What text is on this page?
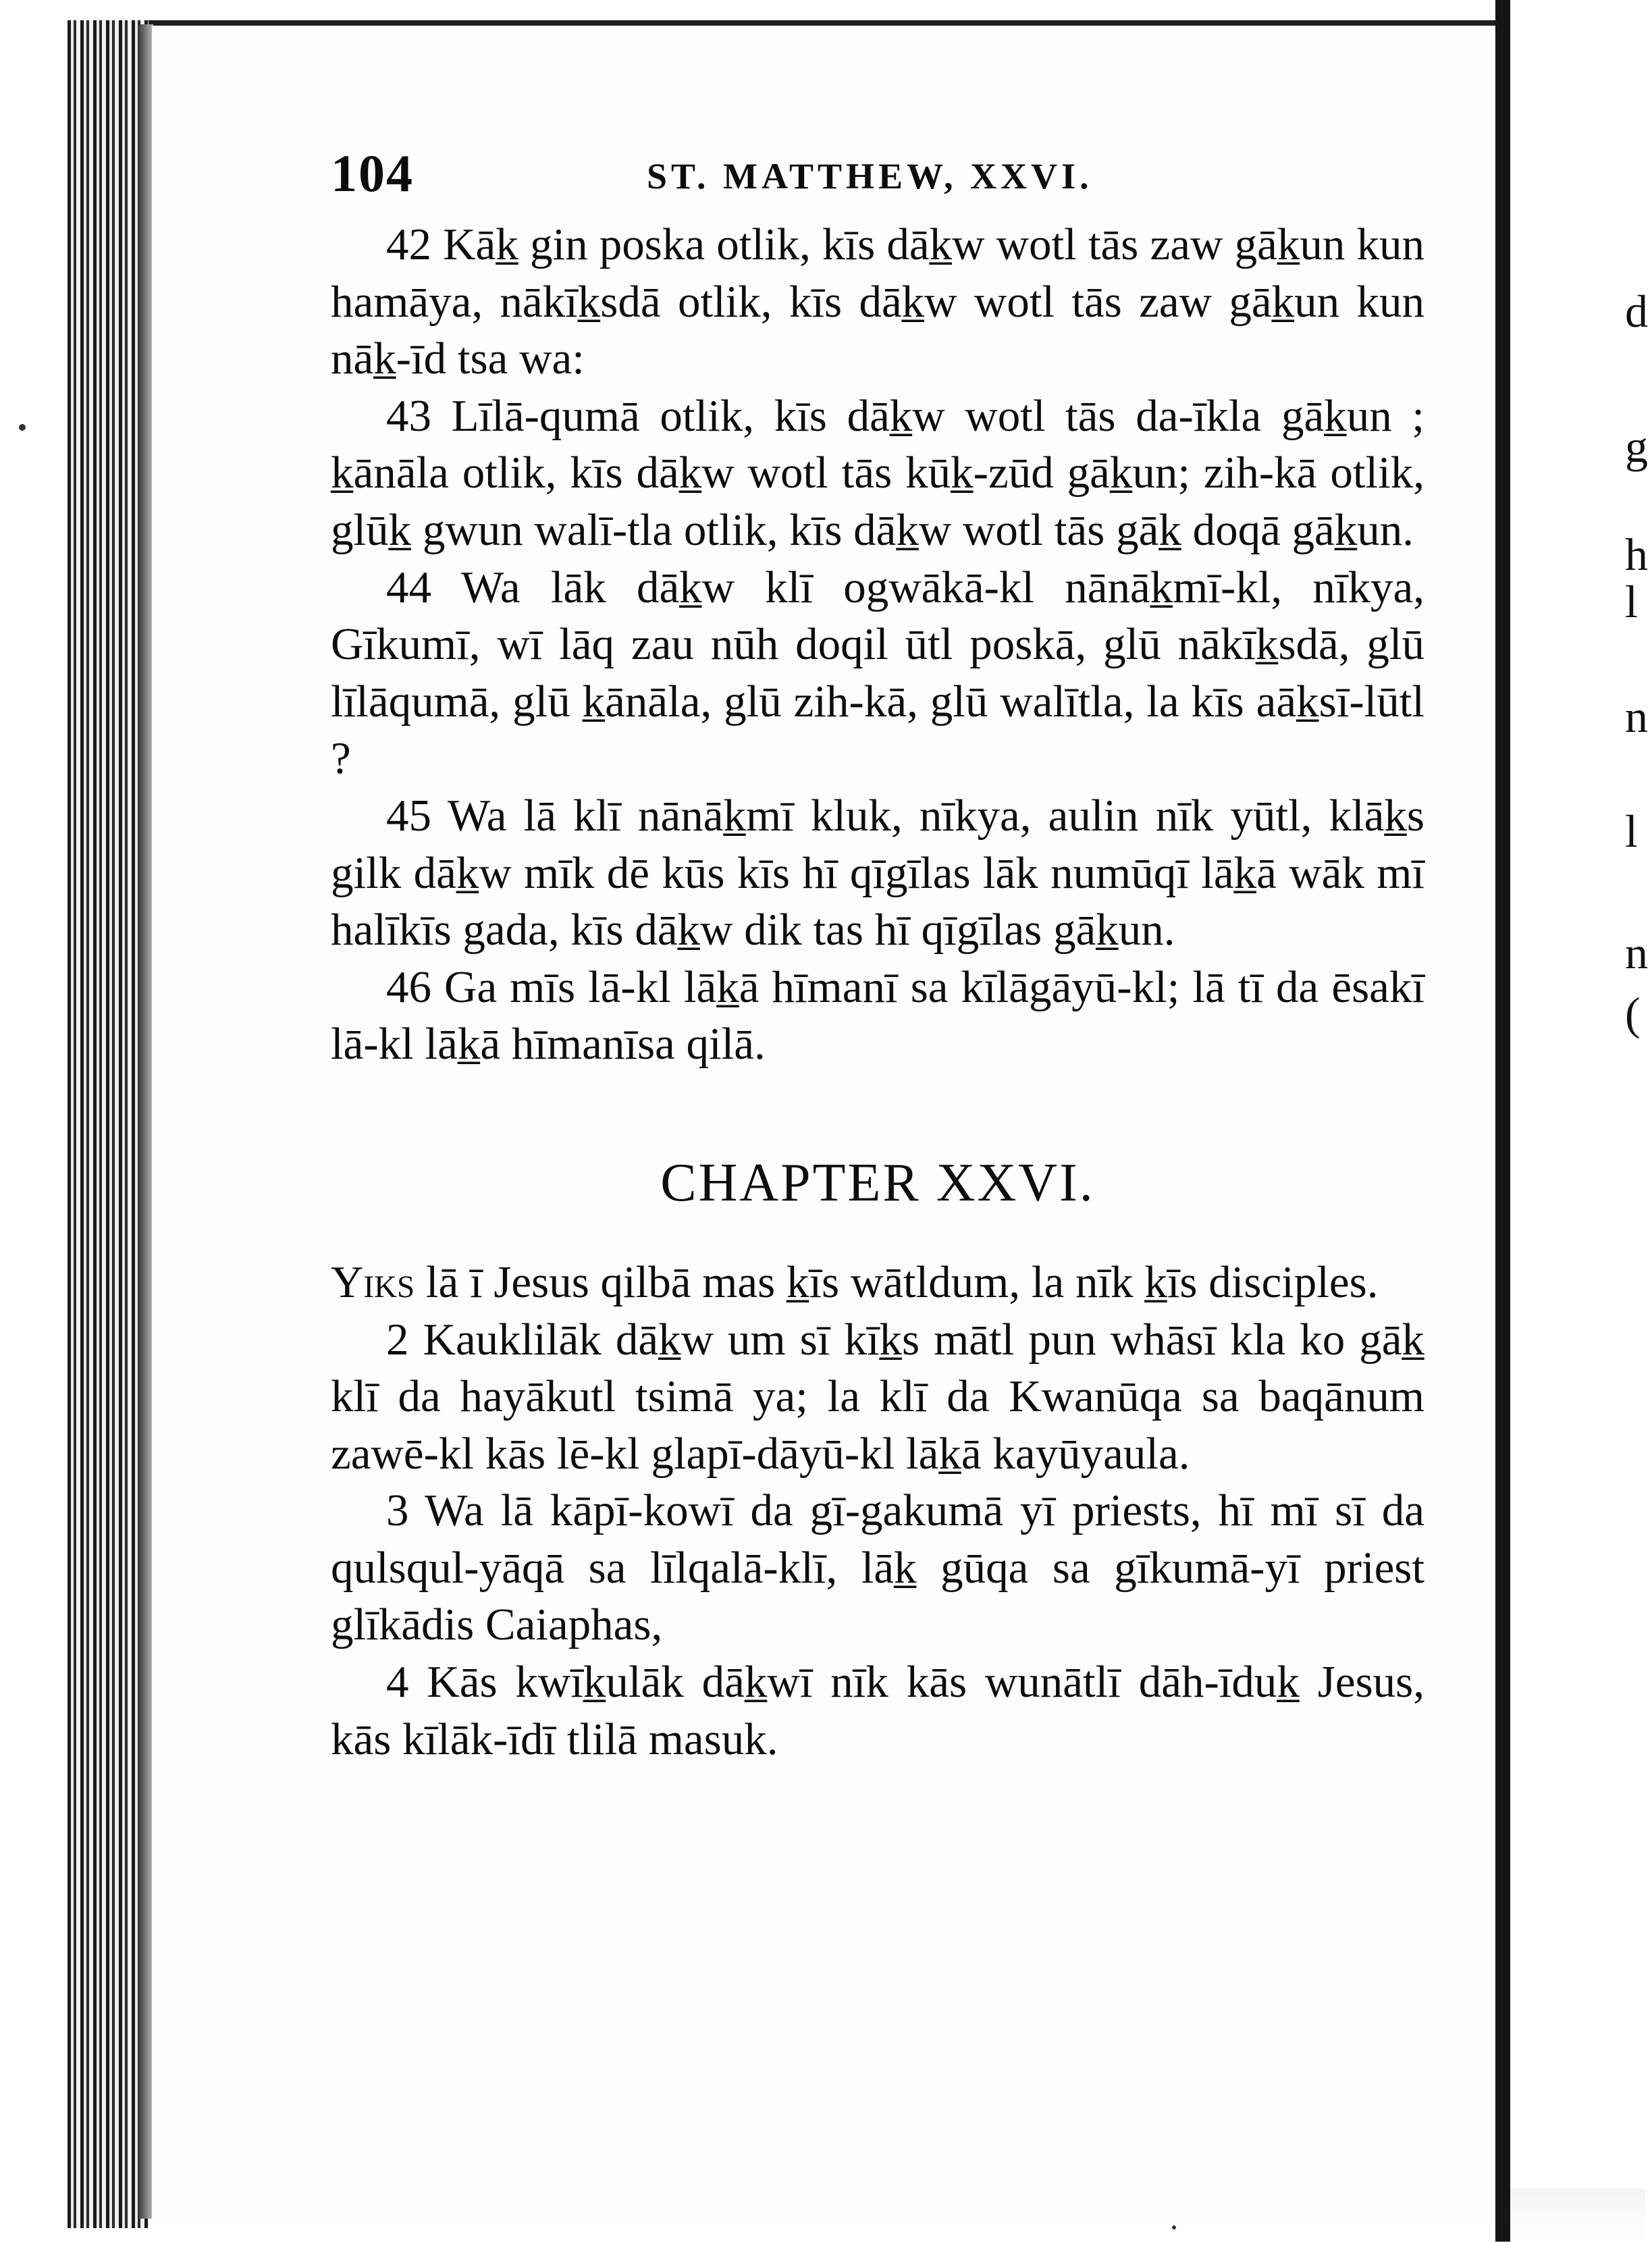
d
g
h
l
n
l
n
(
104	ST. MATTHEW, XXVI.

42 Kāk̲ gin poska otlik, kīs dāk̲w wotl tās zaw gāk̲un kun hamāya, nākīk̲sdā otlik, kīs dāk̲w wotl tās zaw gāk̲un kun nāk̲-īd tsa wa:

43 Līlā-qumā otlik, kīs dāk̲w wotl tās da-īkla gāk̲un ; k̲ānāla otlik, kīs dāk̲w wotl tās kūk̲-zūd gāk̲un; zih-kā otlik, glūk̲ gwun walī-tla otlik, kīs dāk̲w wotl tās gāk̲ doqā gāk̲un.

44 Wa lāk dāk̲w klī ogwākā-kl nānāk̲mī-kl, nīkya, Gīkumī, wī lāq zau nūh doqil ūtl poskā, glū nākīk̲sdā, glū līlāqumā, glū k̲ānāla, glū zih-kā, glū walītla, la kīs aāk̲sī-lūtl ?

45 Wa lā klī nānāk̲mī kluk, nīkya, aulin nīk yūtl, klāk̲s gilk dāk̲w mīk dē kūs kīs hī qīgīlas lāk numūqī lāk̲ā wāk mī halīkīs gada, kīs dāk̲w dik tas hī qīgīlas gāk̲un.

46 Ga mīs lā-kl lāk̲ā hīmanī sa kīlāgāyū-kl; lā tī da ēsakī lā-kl lāk̲ā hīmanīsa qilā.

CHAPTER XXVI.

Yiks lā ī Jesus qilbā mas k̲īs wātldum, la nīk k̲īs disciples.

2 Kauklilāk dāk̲w um sī kīk̲s mātl pun whāsī kla ko gāk̲ klī da hayākutl tsimā ya; la klī da Kwanūqa sa baqānum zawē-kl kās lē-kl glapī-dāyū-kl lāk̲ā kayūyaula.

3 Wa lā kāpī-kowī da gī-gakumā yī priests, hī mī sī da qulsqul-yāqā sa līlqalā-klī, lāk̲ gūqa sa gīkumā-yī priest glīkādis Caiaphas,

4 Kās kwīk̲ulāk dāk̲wī nīk kās wunātlī dāh-īduk̲ Jesus, kās kīlāk-īdī tlilā masuk.
